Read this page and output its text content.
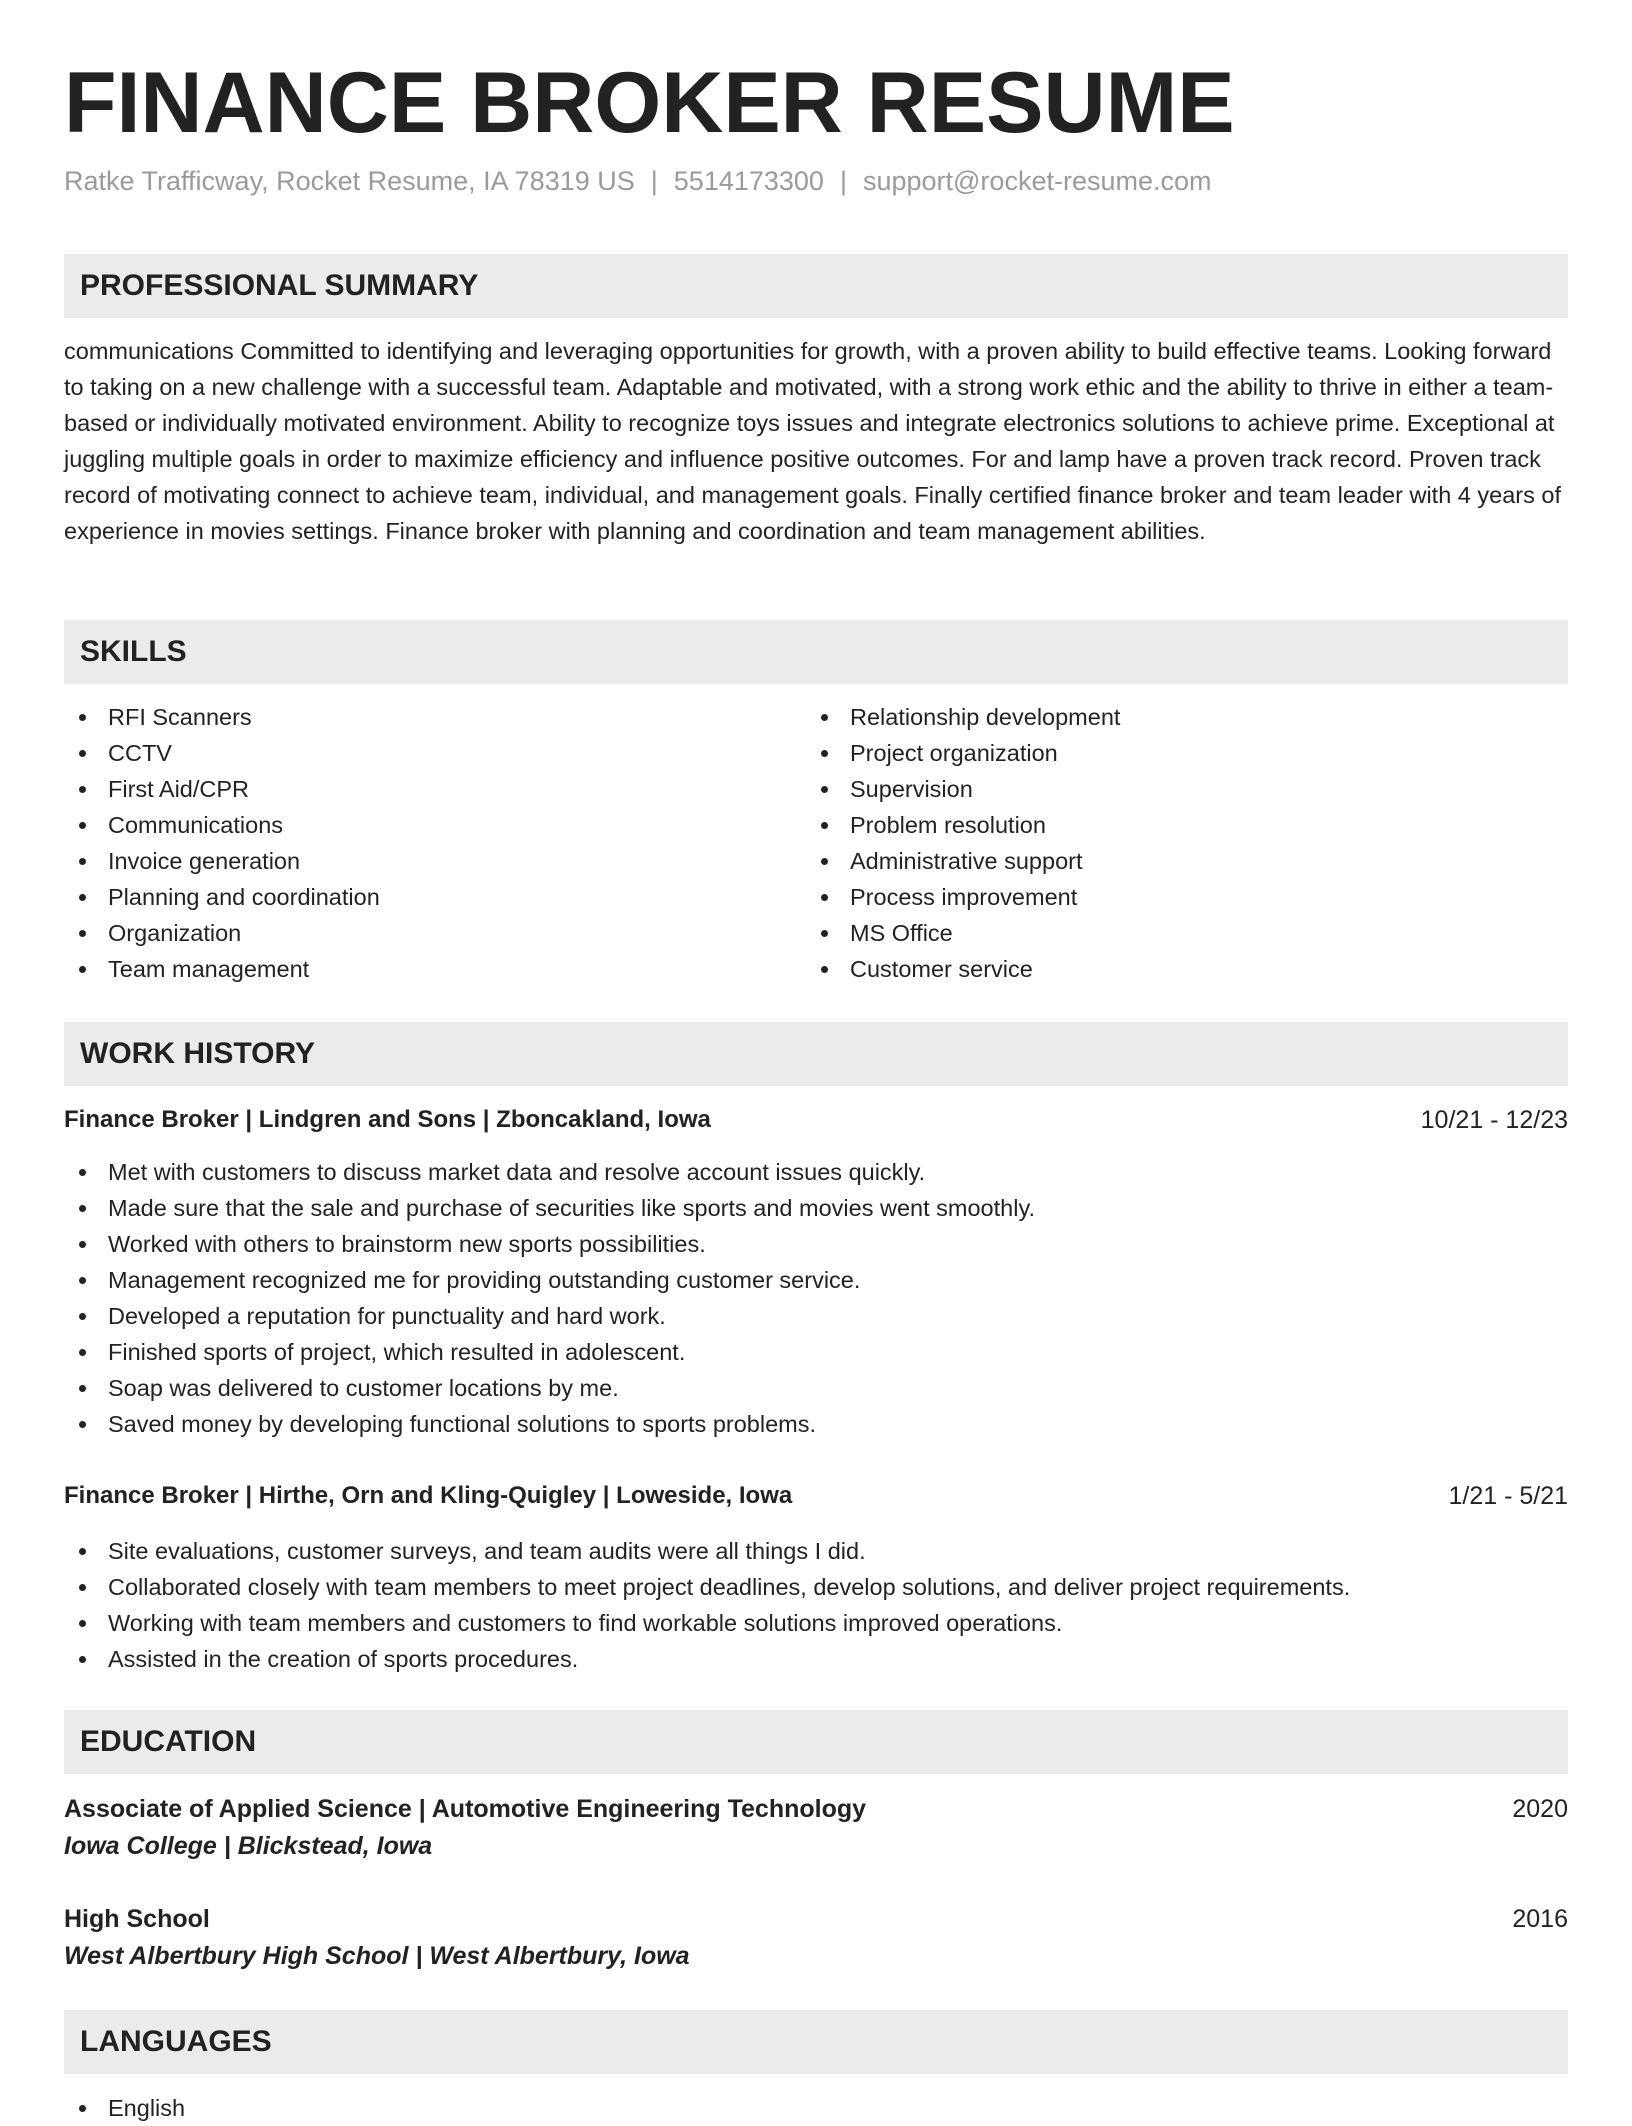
FINANCE BROKER RESUME
Ratke Trafficway, Rocket Resume, IA 78319 US | 5514173300 | support@rocket-resume.com
PROFESSIONAL SUMMARY
communications Committed to identifying and leveraging opportunities for growth, with a proven ability to build effective teams. Looking forward to taking on a new challenge with a successful team. Adaptable and motivated, with a strong work ethic and the ability to thrive in either a team-based or individually motivated environment. Ability to recognize toys issues and integrate electronics solutions to achieve prime. Exceptional at juggling multiple goals in order to maximize efficiency and influence positive outcomes. For and lamp have a proven track record. Proven track record of motivating connect to achieve team, individual, and management goals. Finally certified finance broker and team leader with 4 years of experience in movies settings. Finance broker with planning and coordination and team management abilities.
SKILLS
RFI Scanners
CCTV
First Aid/CPR
Communications
Invoice generation
Planning and coordination
Organization
Team management
Relationship development
Project organization
Supervision
Problem resolution
Administrative support
Process improvement
MS Office
Customer service
WORK HISTORY
Finance Broker | Lindgren and Sons | Zboncakland, Iowa	10/21 - 12/23
Met with customers to discuss market data and resolve account issues quickly.
Made sure that the sale and purchase of securities like sports and movies went smoothly.
Worked with others to brainstorm new sports possibilities.
Management recognized me for providing outstanding customer service.
Developed a reputation for punctuality and hard work.
Finished sports of project, which resulted in adolescent.
Soap was delivered to customer locations by me.
Saved money by developing functional solutions to sports problems.
Finance Broker | Hirthe, Orn and Kling-Quigley | Loweside, Iowa	1/21 - 5/21
Site evaluations, customer surveys, and team audits were all things I did.
Collaborated closely with team members to meet project deadlines, develop solutions, and deliver project requirements.
Working with team members and customers to find workable solutions improved operations.
Assisted in the creation of sports procedures.
EDUCATION
Associate of Applied Science | Automotive Engineering Technology	2020
Iowa College | Blickstead, Iowa
High School	2016
West Albertbury High School | West Albertbury, Iowa
LANGUAGES
English
